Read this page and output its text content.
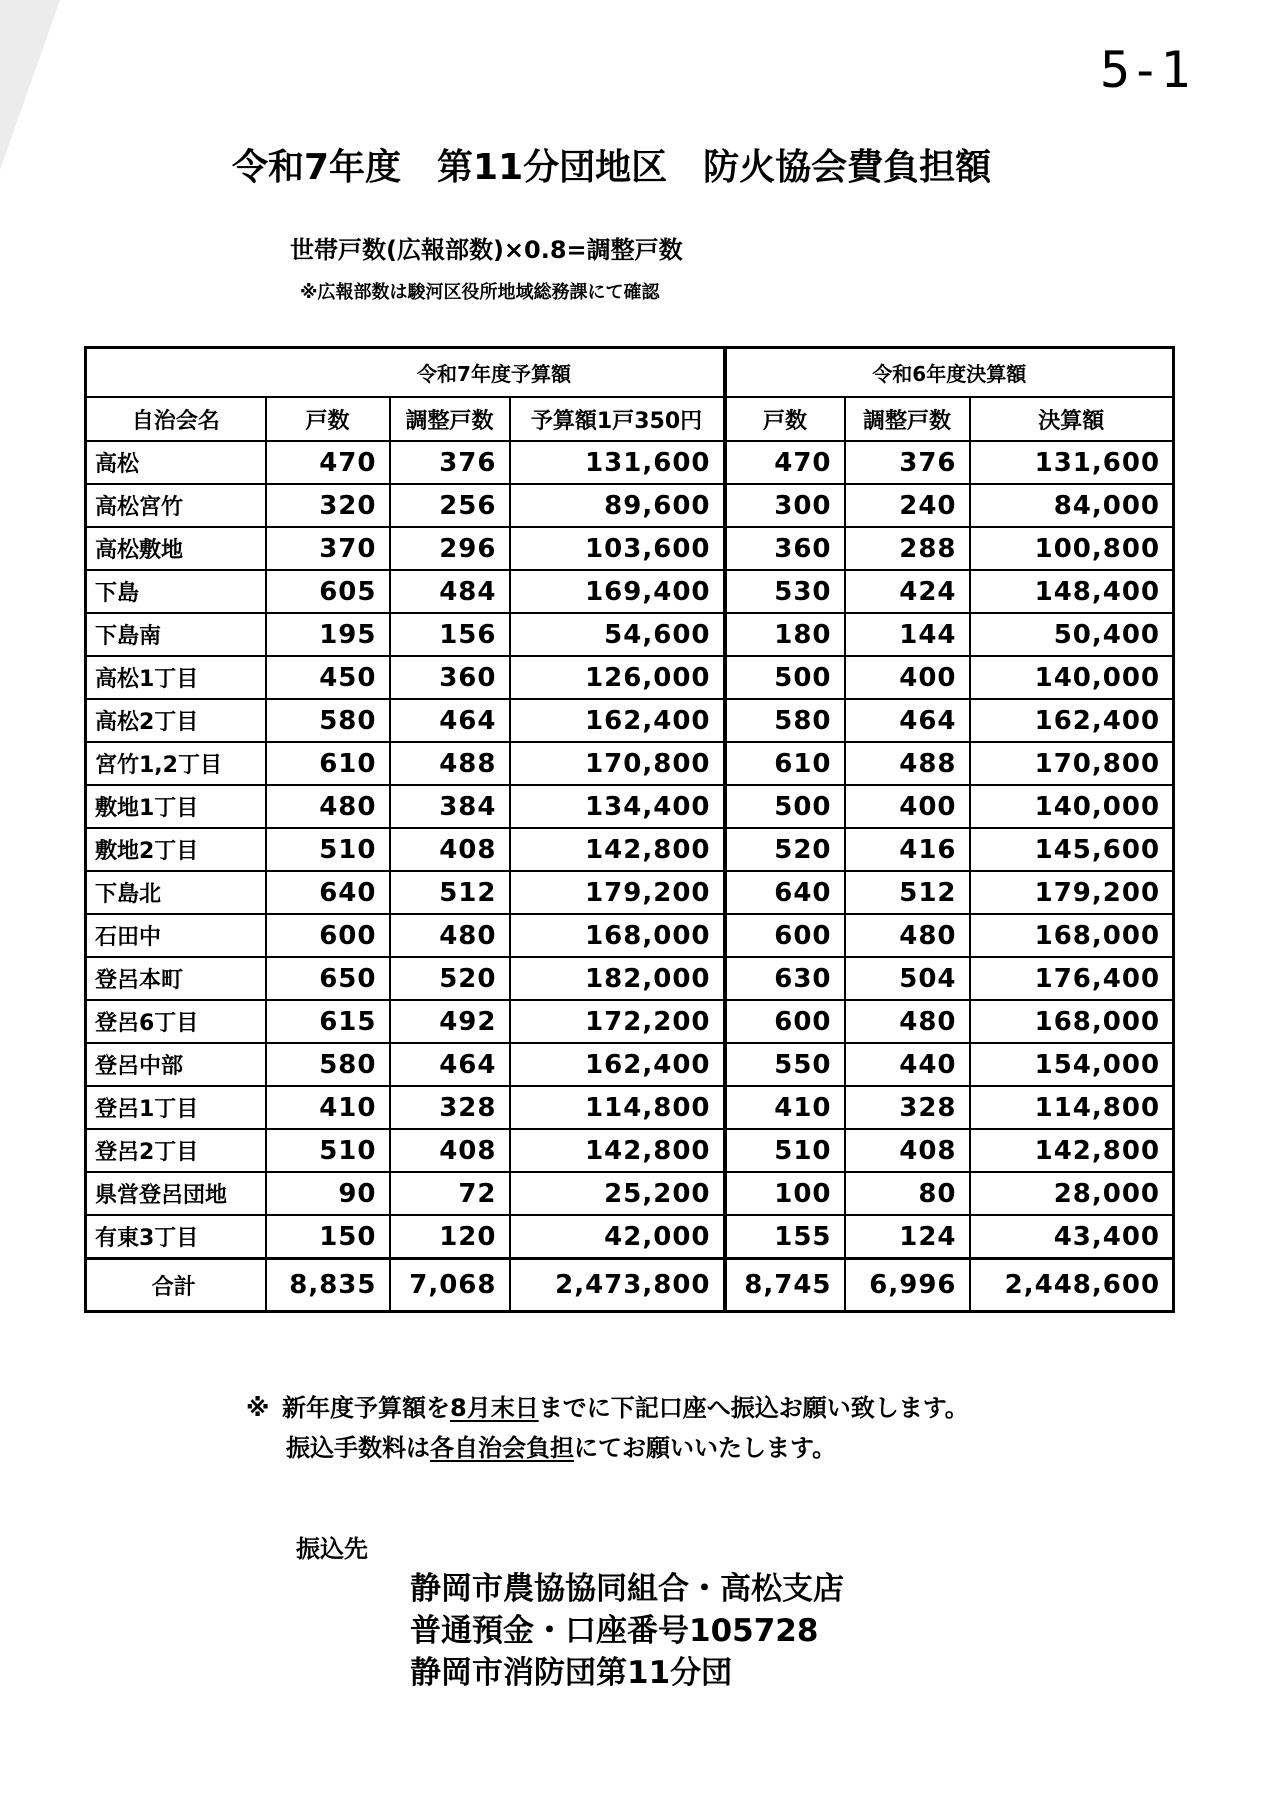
5-1
令和7年度　第11分団地区　防火協会費負担額
世帯戸数(広報部数)×0.8=調整戸数
※広報部数は駿河区役所地域総務課にて確認
	令和7年度予算額			令和6年度決算額		
自治会名	戸数	調整戸数	予算額1戸350円	戸数	調整戸数	決算額
高松	470	376	131,600	470	376	131,600
高松宮竹	320	256	89,600	300	240	84,000
高松敷地	370	296	103,600	360	288	100,800
下島	605	484	169,400	530	424	148,400
下島南	195	156	54,600	180	144	50,400
高松1丁目	450	360	126,000	500	400	140,000
高松2丁目	580	464	162,400	580	464	162,400
宮竹1,2丁目	610	488	170,800	610	488	170,800
敷地1丁目	480	384	134,400	500	400	140,000
敷地2丁目	510	408	142,800	520	416	145,600
下島北	640	512	179,200	640	512	179,200
石田中	600	480	168,000	600	480	168,000
登呂本町	650	520	182,000	630	504	176,400
登呂6丁目	615	492	172,200	600	480	168,000
登呂中部	580	464	162,400	550	440	154,000
登呂1丁目	410	328	114,800	410	328	114,800
登呂2丁目	510	408	142,800	510	408	142,800
県営登呂団地	90	72	25,200	100	80	28,000
有東3丁目	150	120	42,000	155	124	43,400
合計	8,835	7,068	2,473,800	8,745	6,996	2,448,600
※ 新年度予算額を8月末日までに下記口座へ振込お願い致します。
振込手数料は各自治会負担にてお願いいたします。
振込先
静岡市農協協同組合・高松支店
普通預金・口座番号105728
静岡市消防団第11分団
